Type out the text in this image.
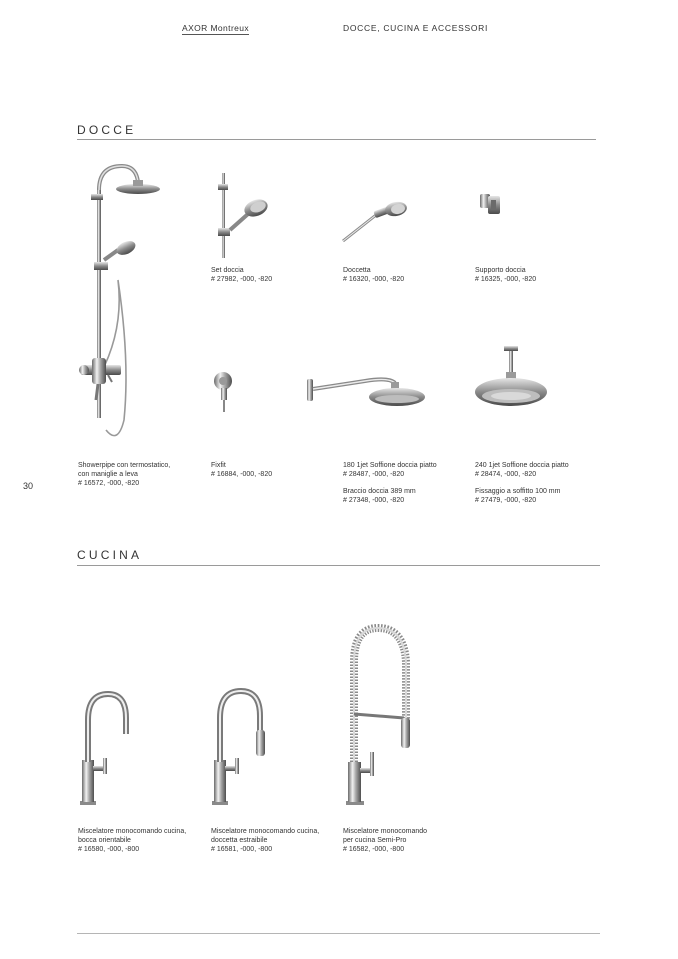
AXOR Montreux	DOCCE, CUCINA E ACCESSORI
DOCCE
Set doccia
# 27982, -000, -820
Doccetta
# 16320, -000, -820
Supporto doccia
# 16325, -000, -820
Showerpipe con termostatico,
con maniglie a leva
# 16572, -000, -820
Fixfit
# 16884, -000, -820
180 1jet Soffione doccia piatto
# 28487, -000, -820
Braccio doccia 389 mm
# 27348, -000, -820
240 1jet Soffione doccia piatto
# 28474, -000, -820
Fissaggio a soffitto 100 mm
# 27479, -000, -820
30
CUCINA
Miscelatore monocomando cucina,
bocca orientabile
# 16580, -000, -800
Miscelatore monocomando cucina,
doccetta estraibile
# 16581, -000, -800
Miscelatore monocomando
per cucina Semi-Pro
# 16582, -000, -800
